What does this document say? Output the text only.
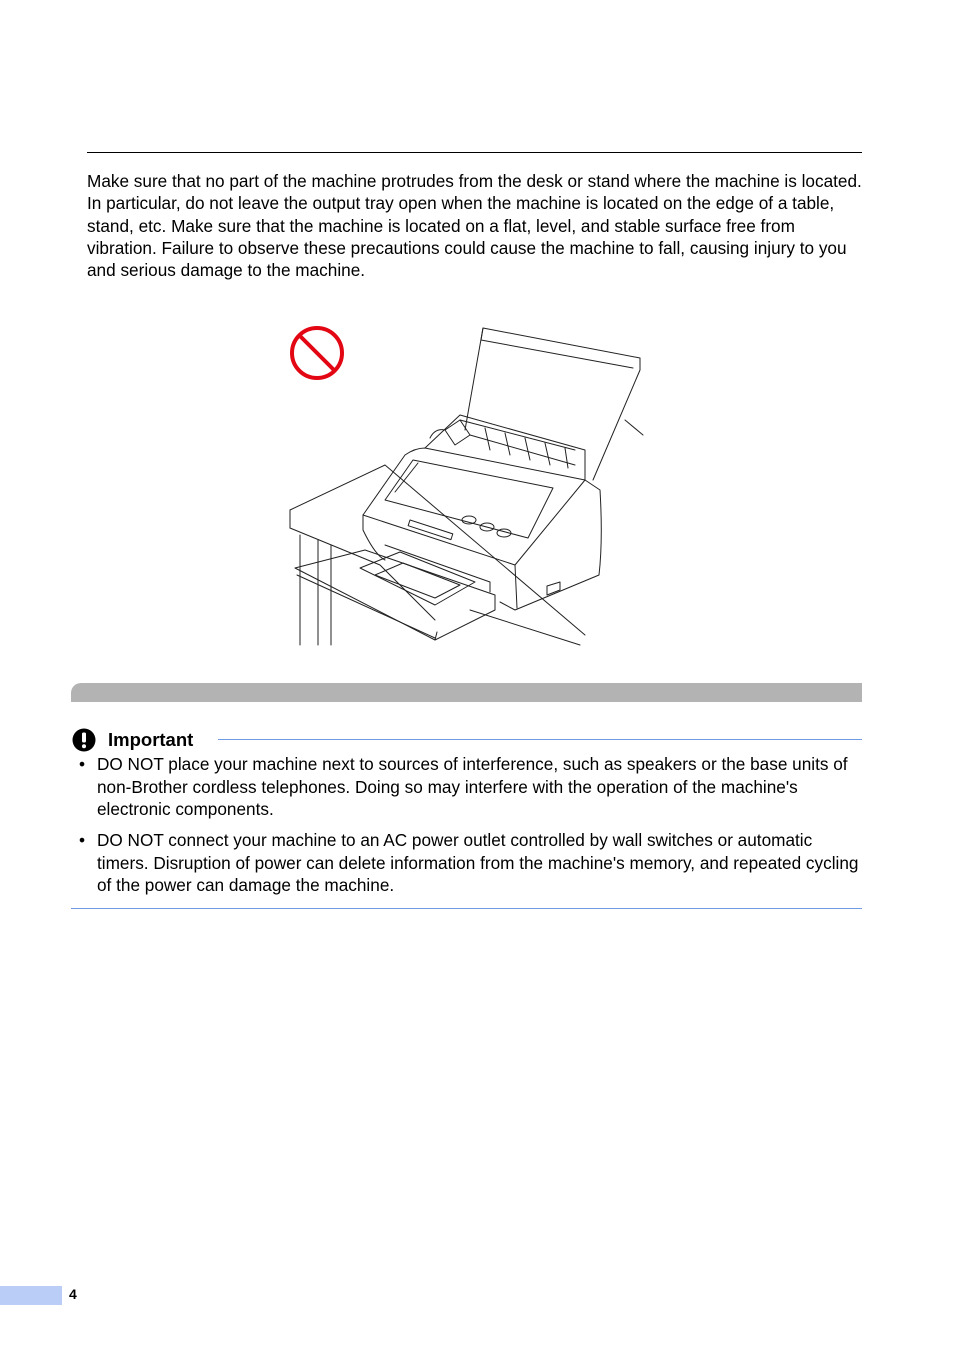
Make sure that no part of the machine protrudes from the desk or stand where the machine is located. In particular, do not leave the output tray open when the machine is located on the edge of a table, stand, etc. Make sure that the machine is located on a flat, level, and stable surface free from vibration. Failure to observe these precautions could cause the machine to fall, causing injury to you and serious damage to the machine.

Important
• DO NOT place your machine next to sources of interference, such as speakers or the base units of non-Brother cordless telephones. Doing so may interfere with the operation of the machine's electronic components.
• DO NOT connect your machine to an AC power outlet controlled by wall switches or automatic timers. Disruption of power can delete information from the machine's memory, and repeated cycling of the power can damage the machine.
4
